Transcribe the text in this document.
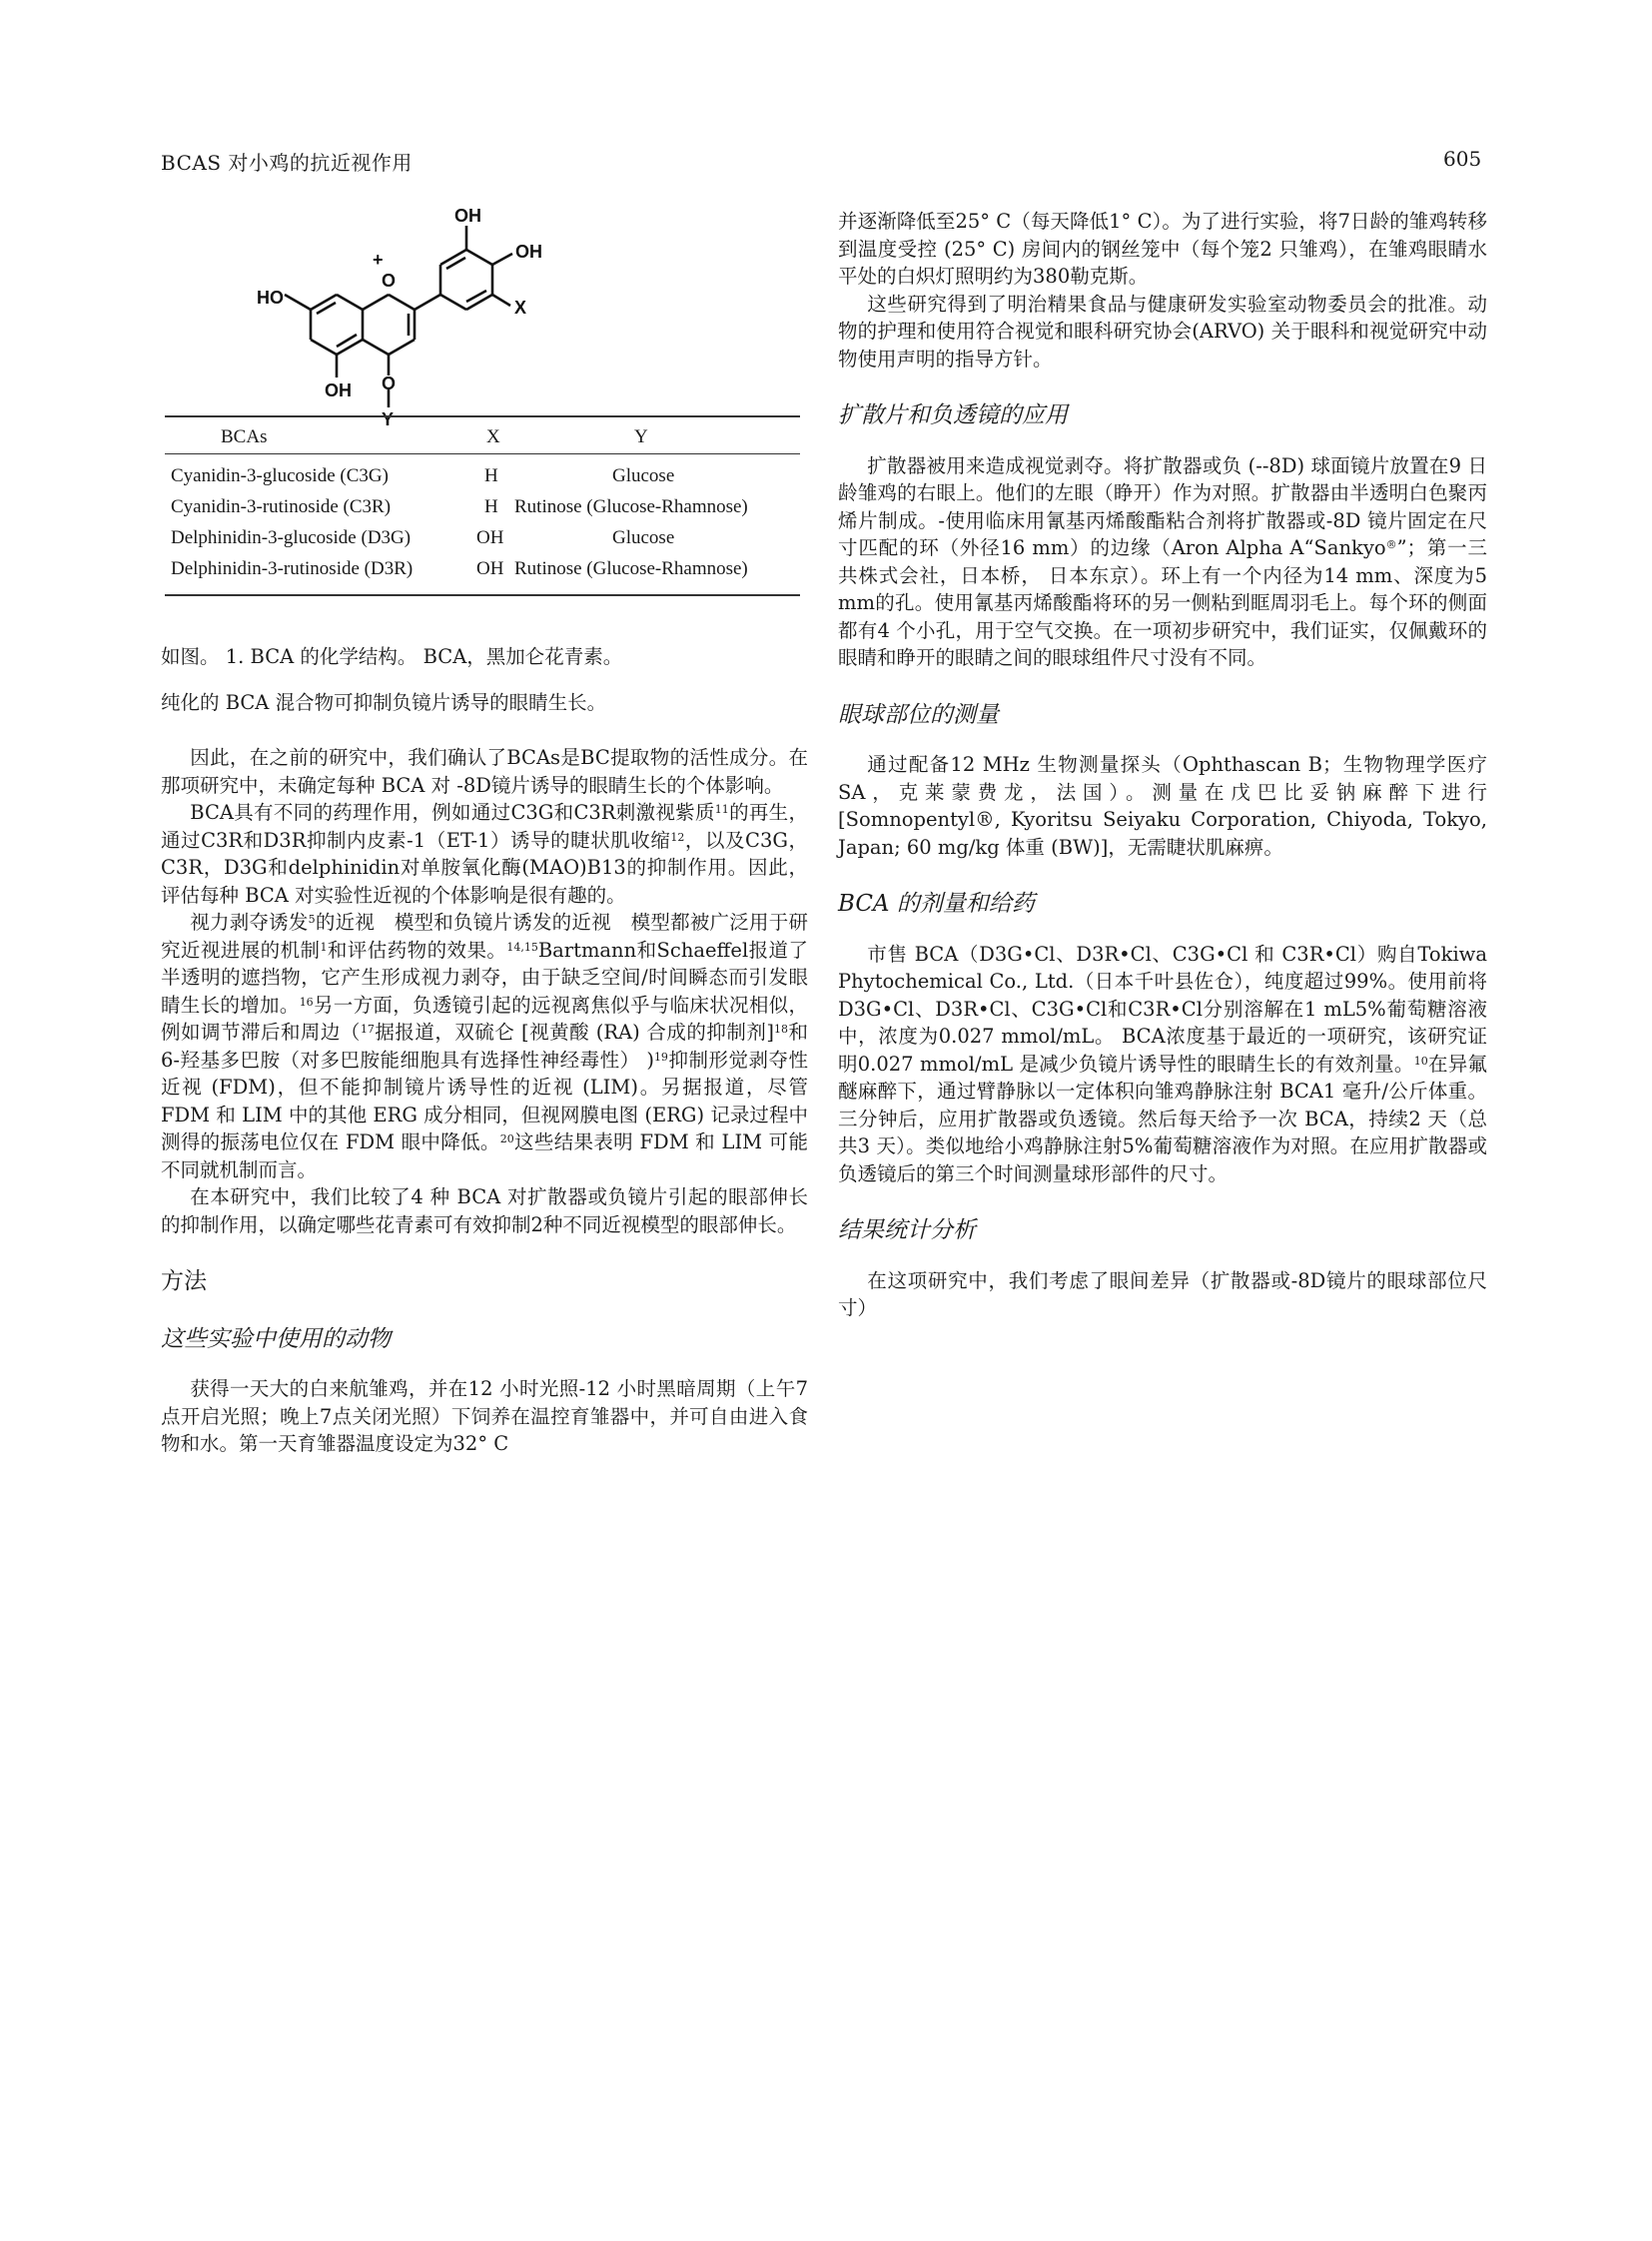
BCAS 对小鸡的抗近视作用	605
+
O
OH
OH
X
HO
OH O
Y
BCAs	X	Y
Cyanidin-3-glucoside (C3G)	H	Glucose
Cyanidin-3-rutinoside (C3R)	H Rutinose (Glucose-Rhamnose)
Delphinidin-3-glucoside (D3G)	OH	Glucose
Delphinidin-3-rutinoside (D3R)	OH Rutinose (Glucose-Rhamnose)

如图。 1. BCA 的化学结构。 BCA，黑加仑花青素。

纯化的 BCA 混合物可抑制负镜片诱导的眼睛生长。

因此，在之前的研究中，我们确认了BCAs是BC提取物的活性成分。在那项研究中，未确定每种 BCA 对 -8D镜片诱导的眼睛生长的个体影响。

BCA具有不同的药理作用，例如通过C3G和C3R刺激视紫质$^{11}$的再生，通过C3R和D3R抑制内皮素-1（ET-1）诱导的睫状肌收缩$^{12}$，以及C3G，C3R，D3G和delphinidin对单胺氧化酶(MAO)B13的抑制作用。因此，评估每种 BCA 对实验性近视的个体影响是很有趣的。

视力剥夺诱发$^5$的近视　模型和负镜片诱发的近视　模型都被广泛用于研究近视进展的机制$^1$和评估药物的效果。$^{14,15}$Bartmann和Schaeffel报道了半透明的遮挡物，它产生形成视力剥夺，由于缺乏空间/时间瞬态而引发眼睛生长的增加。$^{16}$另一方面，负透镜引起的远视离焦似乎与临床状况相似，例如调节滞后和周边（$^{17}$据报道，双硫仑 [视黄酸 (RA) 合成的抑制剂]$^{18}$和6-羟基多巴胺（对多巴胺能细胞具有选择性神经毒性） )$^{19}$抑制形觉剥夺性近视 (FDM)，但不能抑制镜片诱导性的近视 (LIM)。另据报道，尽管 FDM 和 LIM 中的其他 ERG 成分相同，但视网膜电图 (ERG) 记录过程中测得的振荡电位仅在 FDM 眼中降低。$^{20}$这些结果表明 FDM 和 LIM 可能不同就机制而言。

在本研究中，我们比较了4 种 BCA 对扩散器或负镜片引起的眼部伸长的抑制作用，以确定哪些花青素可有效抑制2种不同近视模型的眼部伸长。

方法
这些实验中使用的动物

获得一天大的白来航雏鸡，并在12 小时光照-12 小时黑暗周期（上午7点开启光照；晚上7点关闭光照）下饲养在温控育雏器中，并可自由进入食物和水。第一天育雏器温度设定为32° C

并逐渐降低至25° C（每天降低1° C）。为了进行实验，将7日龄的雏鸡转移到温度受控 (25° C) 房间内的钢丝笼中（每个笼2 只雏鸡），在雏鸡眼睛水平处的白炽灯照明约为380勒克斯。

这些研究得到了明治精果食品与健康研发实验室动物委员会的批准。动物的护理和使用符合视觉和眼科研究协会(ARVO) 关于眼科和视觉研究中动物使用声明的指导方针。

扩散片和负透镜的应用

扩散器被用来造成视觉剥夺。将扩散器或负 (--8D) 球面镜片放置在9 日龄雏鸡的右眼上。他们的左眼（睁开）作为对照。扩散器由半透明白色聚丙烯片制成。-使用临床用氰基丙烯酸酯粘合剂将扩散器或-8D 镜片固定在尺寸匹配的环（外径16 mm）的边缘（Aron Alpha A“Sankyo®”；第一三共株式会社，日本桥， 日本东京）。环上有一个内径为14 mm、深度为5 mm的孔。使用氰基丙烯酸酯将环的另一侧粘到眶周羽毛上。每个环的侧面都有4 个小孔，用于空气交换。在一项初步研究中，我们证实，仅佩戴环的眼睛和睁开的眼睛之间的眼球组件尺寸没有不同。

眼球部位的测量

通过配备12 MHz 生物测量探头（Ophthascan B；生物物理学医疗 SA，克莱蒙费龙，法国）。测量在戊巴比妥钠麻醉下进行 [Somnopentyl®, Kyoritsu Seiyaku Corporation, Chiyoda, Tokyo, Japan; 60 mg/kg 体重 (BW)]，无需睫状肌麻痹。

BCA 的剂量和给药

市售 BCA（D3G•Cl、D3R•Cl、C3G•Cl 和 C3R•Cl）购自Tokiwa Phytochemical Co., Ltd.（日本千叶县佐仓），纯度超过99%。使用前将D3G•Cl、D3R•Cl、C3G•Cl和C3R•Cl分别溶解在1 mL5%葡萄糖溶液中，浓度为0.027 mmol/mL。 BCA浓度基于最近的一项研究，该研究证明0.027 mmol/mL 是减少负镜片诱导性的眼睛生长的有效剂量。$^{10}$在异氟醚麻醉下，通过臂静脉以一定体积向雏鸡静脉注射 BCA1 毫升/公斤体重。三分钟后，应用扩散器或负透镜。然后每天给予一次 BCA，持续2 天（总共3 天）。类似地给小鸡静脉注射5%葡萄糖溶液作为对照。在应用扩散器或负透镜后的第三个时间测量球形部件的尺寸。

结果统计分析

在这项研究中，我们考虑了眼间差异（扩散器或-8D镜片的眼球部位尺寸）
